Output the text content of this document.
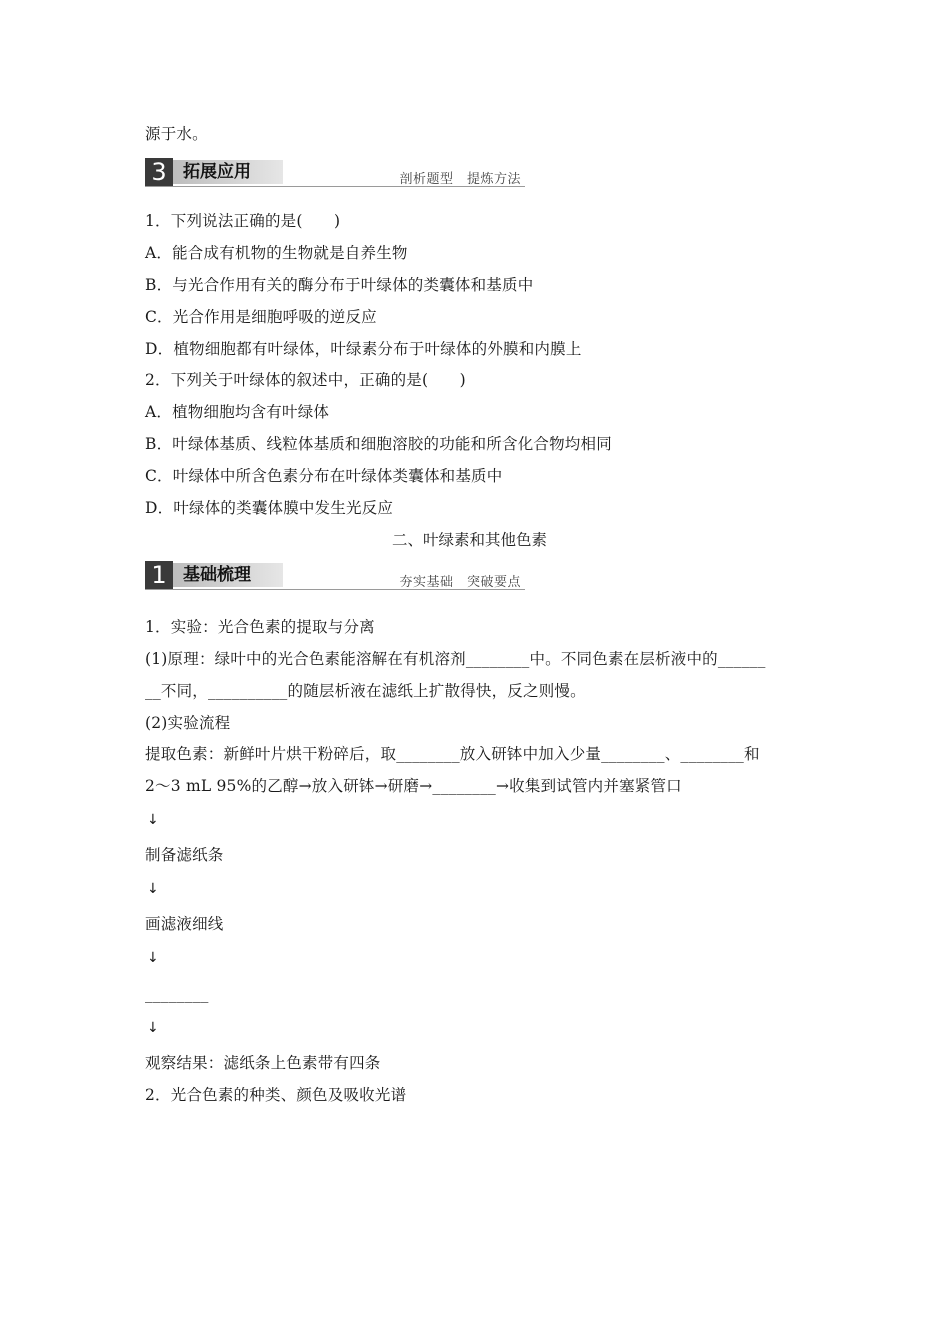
源于水。
3 拓展应用	剖析题型　提炼方法
1．下列说法正确的是(　　)
A．能合成有机物的生物就是自养生物
B．与光合作用有关的酶分布于叶绿体的类囊体和基质中
C．光合作用是细胞呼吸的逆反应
D．植物细胞都有叶绿体，叶绿素分布于叶绿体的外膜和内膜上
2．下列关于叶绿体的叙述中，正确的是(　　)
A．植物细胞均含有叶绿体
B．叶绿体基质、线粒体基质和细胞溶胶的功能和所含化合物均相同
C．叶绿体中所含色素分布在叶绿体类囊体和基质中
D．叶绿体的类囊体膜中发生光反应
二、叶绿素和其他色素
1 基础梳理	夯实基础　突破要点
1．实验：光合色素的提取与分离
(1)原理：绿叶中的光合色素能溶解在有机溶剂________中。不同色素在层析液中的______
__不同，__________的随层析液在滤纸上扩散得快，反之则慢。
(2)实验流程
提取色素：新鲜叶片烘干粉碎后，取________放入研钵中加入少量________、________和
2～3 mL 95%的乙醇→放入研钵→研磨→________→收集到试管内并塞紧管口
↓
制备滤纸条
↓
画滤液细线
↓
________
↓
观察结果：滤纸条上色素带有四条
2．光合色素的种类、颜色及吸收光谱
